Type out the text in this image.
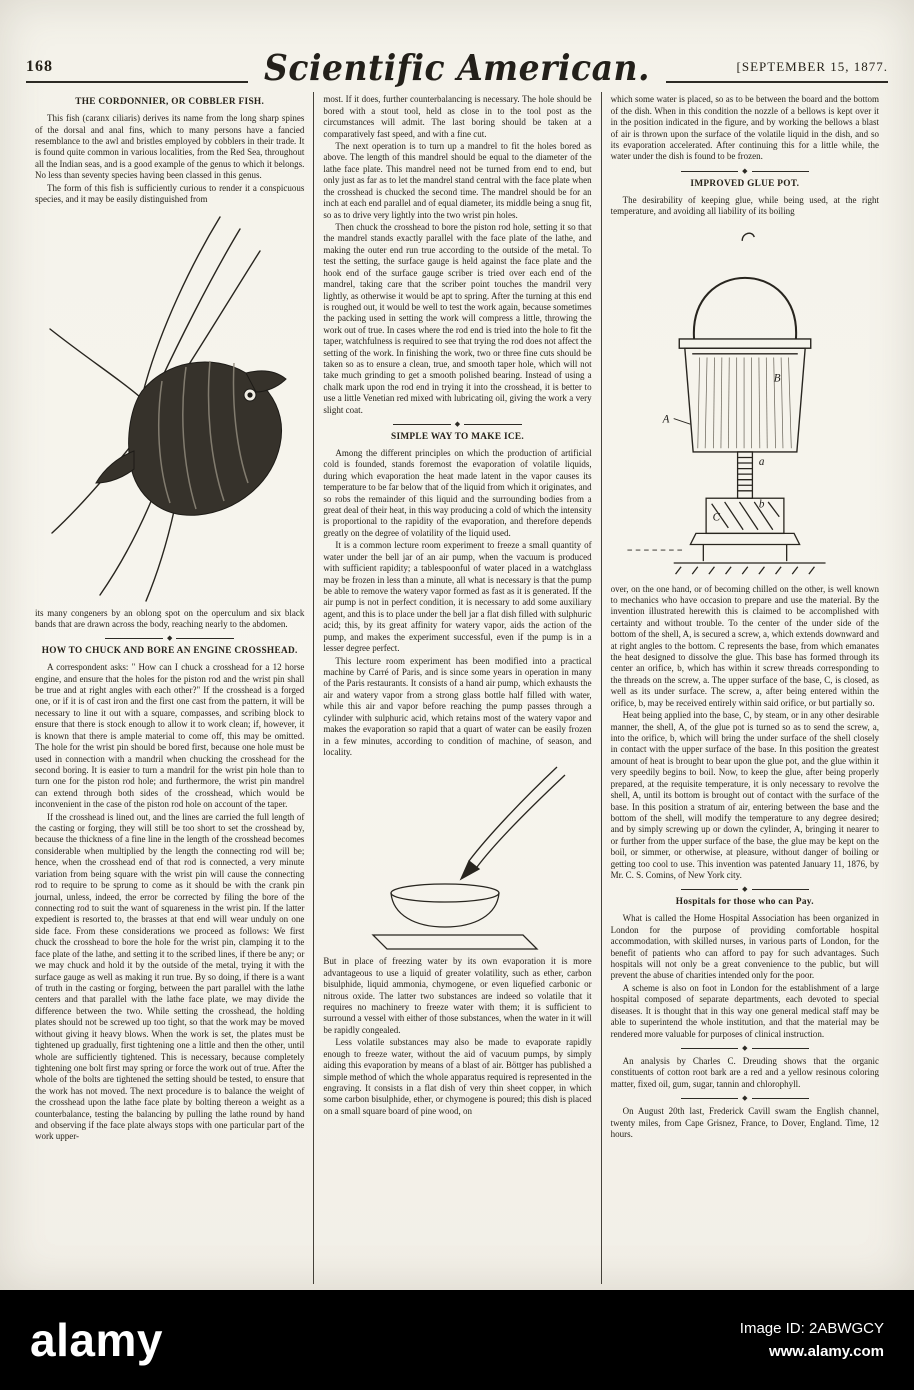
168	Scientific American.	[SEPTEMBER 15, 1877.
THE CORDONNIER, OR COBBLER FISH.

This fish (caranx ciliaris) derives its name from the long sharp spines of the dorsal and anal fins, which to many persons have a fancied resemblance to the awl and bristles employed by cobblers in their trade. It is found quite common in various localities, from the Red Sea, throughout all the Indian seas, and is a good example of the genus to which it belongs. No less than seventy species having been classed in this genus.

The form of this fish is sufficiently curious to render it a conspicuous species, and it may be easily distinguished from

its many congeners by an oblong spot on the operculum and six black bands that are drawn across the body, reaching nearly to the abdomen.

◆
HOW TO CHUCK AND BORE AN ENGINE CROSSHEAD.

A correspondent asks: " How can I chuck a crosshead for a 12 horse engine, and ensure that the holes for the piston rod and the wrist pin shall be true and at right angles with each other?" If the crosshead is a forged one, or if it is of cast iron and the first one cast from the pattern, it will be necessary to line it out with a square, compasses, and scribing block to ensure that there is stock enough to allow it to work clean; if, however, it is known that there is ample material to come off, this may be omitted. The hole for the wrist pin should be bored first, because one hole must be used in connection with a mandril when chucking the crosshead for the second boring. It is easier to turn a mandril for the wrist pin hole than to turn one for the piston rod hole; and furthermore, the wrist pin mandrel can extend through both sides of the crosshead, which would be inconvenient in the case of the piston rod hole on account of the taper.

If the crosshead is lined out, and the lines are carried the full length of the casting or forging, they will still be too short to set the crosshead by, because the thickness of a fine line in the length of the crosshead becomes considerable when multiplied by the length the connecting rod will be; hence, when the crosshead end of that rod is connected, a very minute variation from being square with the wrist pin will cause the connecting rod to require to be sprung to come as it should be with the crank pin journal, unless, indeed, the error be corrected by filing the bore of the connecting rod to suit the want of squareness in the wrist pin. If the latter expedient is resorted to, the brasses at that end will wear unduly on one side face. From these considerations we proceed as follows: We first chuck the crosshead to bore the hole for the wrist pin, clamping it to the face plate of the lathe, and setting it to the scribed lines, if there be any; or we may chuck and hold it by the outside of the metal, trying it with the surface gauge as well as making it run true. By so doing, if there is a want of truth in the casting or forging, between the part parallel with the lathe centers and that parallel with the lathe face plate, we may divide the difference between the two. While setting the crosshead, the holding plates should not be screwed up too tight, so that the work may be moved without giving it heavy blows. When the work is set, the plates must be tightened up gradually, first tightening one a little and then the other, until whole are sufficiently tightened. This is necessary, because completely tightening one bolt first may spring or force the work out of true. After the whole of the bolts are tightened the setting should be tested, to ensure that the work has not moved. The next procedure is to balance the weight of the crosshead upon the lathe face plate by bolting thereon a weight as a counterbalance, testing the balancing by pulling the lathe round by hand and observing if the face plate always stops with one particular part of the work upper-

most. If it does, further counterbalancing is necessary. The hole should be bored with a stout tool, held as close in to the tool post as the circumstances will admit. The last boring should be taken at a comparatively fast speed, and with a fine cut.

The next operation is to turn up a mandrel to fit the holes bored as above. The length of this mandrel should be equal to the diameter of the lathe face plate. This mandrel need not be turned from end to end, but only just as far as to let the mandrel stand central with the face plate when the crosshead is chucked the second time. The mandrel should be for an inch at each end parallel and of equal diameter, its middle being a snug fit, so as to drive very lightly into the two wrist pin holes.

Then chuck the crosshead to bore the piston rod hole, setting it so that the mandrel stands exactly parallel with the face plate of the lathe, and making the outer end run true according to the outside of the metal. To test the setting, the surface gauge is held against the face plate and the hook end of the surface gauge scriber is tried over each end of the mandrel, taking care that the scriber point touches the mandril very lightly, as otherwise it would be apt to spring. After the turning at this end is roughed out, it would be well to test the work again, because sometimes the packing used in setting the work will compress a little, throwing the work out of true. In cases where the rod end is tried into the hole to fit the taper, watchfulness is required to see that trying the rod does not affect the setting of the work. In finishing the work, two or three fine cuts should be taken so as to ensure a clean, true, and smooth taper hole, which will not take much grinding to get a smooth polished bearing. Instead of using a chalk mark upon the rod end in trying it into the crosshead, it is better to use a little Venetian red mixed with lubricating oil, giving the work a very slight coat.

◆
SIMPLE WAY TO MAKE ICE.

Among the different principles on which the production of artificial cold is founded, stands foremost the evaporation of volatile liquids, during which evaporation the heat made latent in the vapor causes its temperature to be far below that of the liquid from which it originates, and so robs the remainder of this liquid and the surrounding bodies from a great deal of their heat, in this way producing a cold of which the intensity is proportional to the rapidity of the evaporation, and therefore depends greatly on the degree of volatility of the liquid used.

It is a common lecture room experiment to freeze a small quantity of water under the bell jar of an air pump, when the vacuum is produced with sufficient rapidity; a tablespoonful of water placed in a watchglass may be frozen in less than a minute, all what is necessary is that the pump be able to remove the watery vapor formed as fast as it is generated. If the air pump is not in perfect condition, it is necessary to add some auxiliary agent, and this is to place under the bell jar a flat dish filled with sulphuric acid; this, by its great affinity for watery vapor, aids the action of the pump, and makes the experiment successful, even if the pump is in a lesser degree perfect.

This lecture room experiment has been modified into a practical machine by Carré of Paris, and is since some years in operation in many of the Paris restaurants. It consists of a hand air pump, which exhausts the air and watery vapor from a strong glass bottle half filled with water, while this air and vapor before reaching the pump passes through a cylinder with sulphuric acid, which retains most of the watery vapor and makes the evaporation so rapid that a quart of water can be easily frozen in a few minutes, according to condition of machine, of season, and locality.

But in place of freezing water by its own evaporation it is more advantageous to use a liquid of greater volatility, such as ether, carbon bisulphide, liquid ammonia, chymogene, or even liquefied carbonic or nitrous oxide. The latter two substances are indeed so volatile that it requires no machinery to freeze water with them; it is sufficient to surround a vessel with either of those substances, when the water in it will be rapidly congealed.

Less volatile substances may also be made to evaporate rapidly enough to freeze water, without the aid of vacuum pumps, by simply aiding this evaporation by means of a blast of air. Böttger has published a simple method of which the whole apparatus required is represented in the engraving. It consists in a flat dish of very thin sheet copper, in which some carbon bisulphide, ether, or chymogene is poured; this dish is placed on a small square board of pine wood, on

which some water is placed, so as to be between the board and the bottom of the dish. When in this condition the nozzle of a bellows is kept over it in the position indicated in the figure, and by working the bellows a blast of air is thrown upon the surface of the volatile liquid in the dish, and so its evaporation accelerated. After continuing this for a little while, the water under the dish is found to be frozen.

◆
IMPROVED GLUE POT.

The desirability of keeping glue, while being used, at the right temperature, and avoiding all liability of its boiling

B
A
a
b
C

over, on the one hand, or of becoming chilled on the other, is well known to mechanics who have occasion to prepare and use the material. By the invention illustrated herewith this is claimed to be accomplished with certainty and without trouble. To the center of the under side of the bottom of the shell, A, is secured a screw, a, which extends downward and at right angles to the bottom. C represents the base, from which emanates the heat designed to dissolve the glue. This base has formed through its center an orifice, b, which has within it screw threads corresponding to the threads on the screw, a. The upper surface of the base, C, is closed, as well as its under surface. The screw, a, after being entered within the orifice, b, may be received entirely within said orifice, or but partially so.

Heat being applied into the base, C, by steam, or in any other desirable manner, the shell, A, of the glue pot is turned so as to send the screw, a, into the orifice, b, which will bring the under surface of the shell closely in contact with the upper surface of the base. In this position the greatest amount of heat is brought to bear upon the glue pot, and the glue within it very speedily begins to boil. Now, to keep the glue, after being properly prepared, at the requisite temperature, it is only necessary to revolve the shell, A, until its bottom is brought out of contact with the surface of the base. In this position a stratum of air, entering between the base and the bottom of the shell, will modify the temperature to any degree desired; and by simply screwing up or down the cylinder, A, bringing it nearer to or further from the upper surface of the base, the glue may be kept on the boil, or simmer, or otherwise, at pleasure, without danger of boiling or getting too cool to use. This invention was patented January 11, 1876, by Mr. C. S. Comins, of New York city.

◆
Hospitals for those who can Pay.

What is called the Home Hospital Association has been organized in London for the purpose of providing comfortable hospital accommodation, with skilled nurses, in various parts of London, for the benefit of patients who can afford to pay for such advantages. Such hospitals will not only be a great convenience to the public, but will prevent the abuse of charities intended only for the poor.

A scheme is also on foot in London for the establishment of a large hospital composed of separate departments, each devoted to special diseases. It is thought that in this way one general medical staff may be able to superintend the whole institution, and that the material may be rendered more valuable for purposes of clinical instruction.

◆

An analysis by Charles C. Dreuding shows that the organic constituents of cotton root bark are a red and a yellow resinous coloring matter, fixed oil, gum, sugar, tannin and chlorophyll.

◆

On August 20th last, Frederick Cavill swam the English channel, twenty miles, from Cape Grisnez, France, to Dover, England. Time, 12 hours.

alamy	Image ID: 2ABWGCY
www.alamy.com
